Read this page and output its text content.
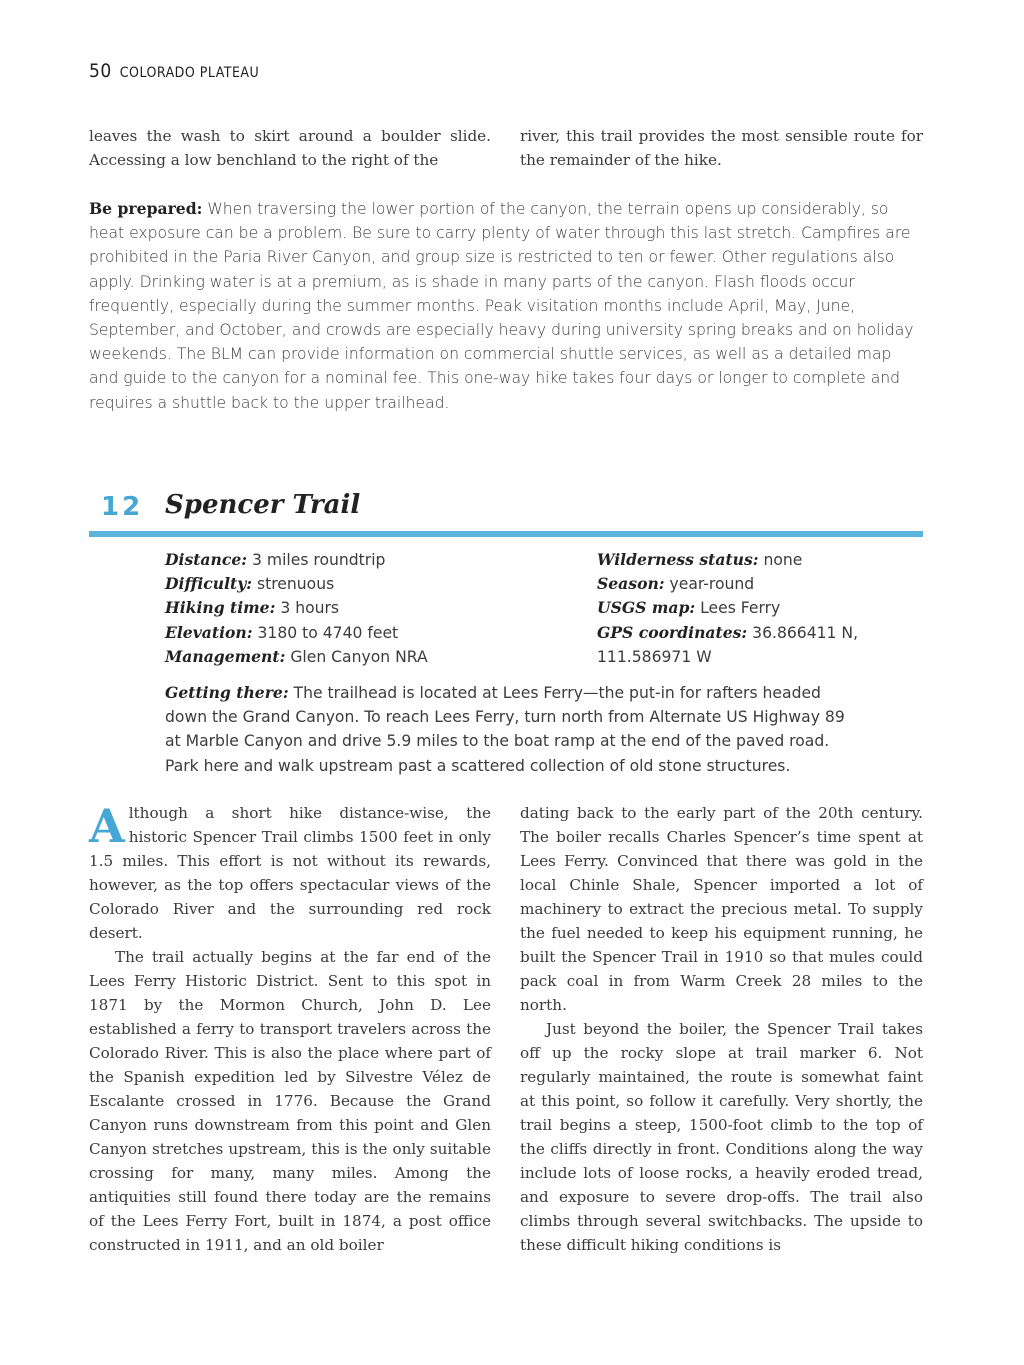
50 COLORADO PLATEAU

leaves the wash to skirt around a boulder slide. Accessing a low benchland to the right of the

river, this trail provides the most sensible route for the remainder of the hike.

Be prepared: When traversing the lower portion of the canyon, the terrain opens up considerably, so heat exposure can be a problem. Be sure to carry plenty of water through this last stretch. Campfires are prohibited in the Paria River Canyon, and group size is restricted to ten or fewer. Other regulations also apply. Drinking water is at a premium, as is shade in many parts of the canyon. Flash floods occur frequently, especially during the summer months. Peak visitation months include April, May, June, September, and October, and crowds are especially heavy during university spring breaks and on holiday weekends. The BLM can provide information on commercial shuttle services, as well as a detailed map and guide to the canyon for a nominal fee. This one-way hike takes four days or longer to complete and requires a shuttle back to the upper trailhead.
12 Spencer Trail
Distance: 3 miles roundtrip
Difficulty: strenuous
Hiking time: 3 hours
Elevation: 3180 to 4740 feet
Management: Glen Canyon NRA
Wilderness status: none
Season: year-round
USGS map: Lees Ferry
GPS coordinates: 36.866411 N, 111.586971 W
Getting there: The trailhead is located at Lees Ferry—the put-in for rafters headed down the Grand Canyon. To reach Lees Ferry, turn north from Alternate US Highway 89 at Marble Canyon and drive 5.9 miles to the boat ramp at the end of the paved road. Park here and walk upstream past a scattered collection of old stone structures.

Although a short hike distance-wise, the historic Spencer Trail climbs 1500 feet in only 1.5 miles. This effort is not without its rewards, however, as the top offers spectacular views of the Colorado River and the surrounding red rock desert.

The trail actually begins at the far end of the Lees Ferry Historic District. Sent to this spot in 1871 by the Mormon Church, John D. Lee established a ferry to transport travelers across the Colorado River. This is also the place where part of the Spanish expedition led by Silvestre Vélez de Escalante crossed in 1776. Because the Grand Canyon runs downstream from this point and Glen Canyon stretches upstream, this is the only suitable crossing for many, many miles. Among the antiquities still found there today are the remains of the Lees Ferry Fort, built in 1874, a post office constructed in 1911, and an old boiler

dating back to the early part of the 20th century. The boiler recalls Charles Spencer’s time spent at Lees Ferry. Convinced that there was gold in the local Chinle Shale, Spencer imported a lot of machinery to extract the precious metal. To supply the fuel needed to keep his equipment running, he built the Spencer Trail in 1910 so that mules could pack coal in from Warm Creek 28 miles to the north.

Just beyond the boiler, the Spencer Trail takes off up the rocky slope at trail marker 6. Not regularly maintained, the route is somewhat faint at this point, so follow it carefully. Very shortly, the trail begins a steep, 1500-foot climb to the top of the cliffs directly in front. Conditions along the way include lots of loose rocks, a heavily eroded tread, and exposure to severe drop-offs. The trail also climbs through several switchbacks. The upside to these difficult hiking conditions is
